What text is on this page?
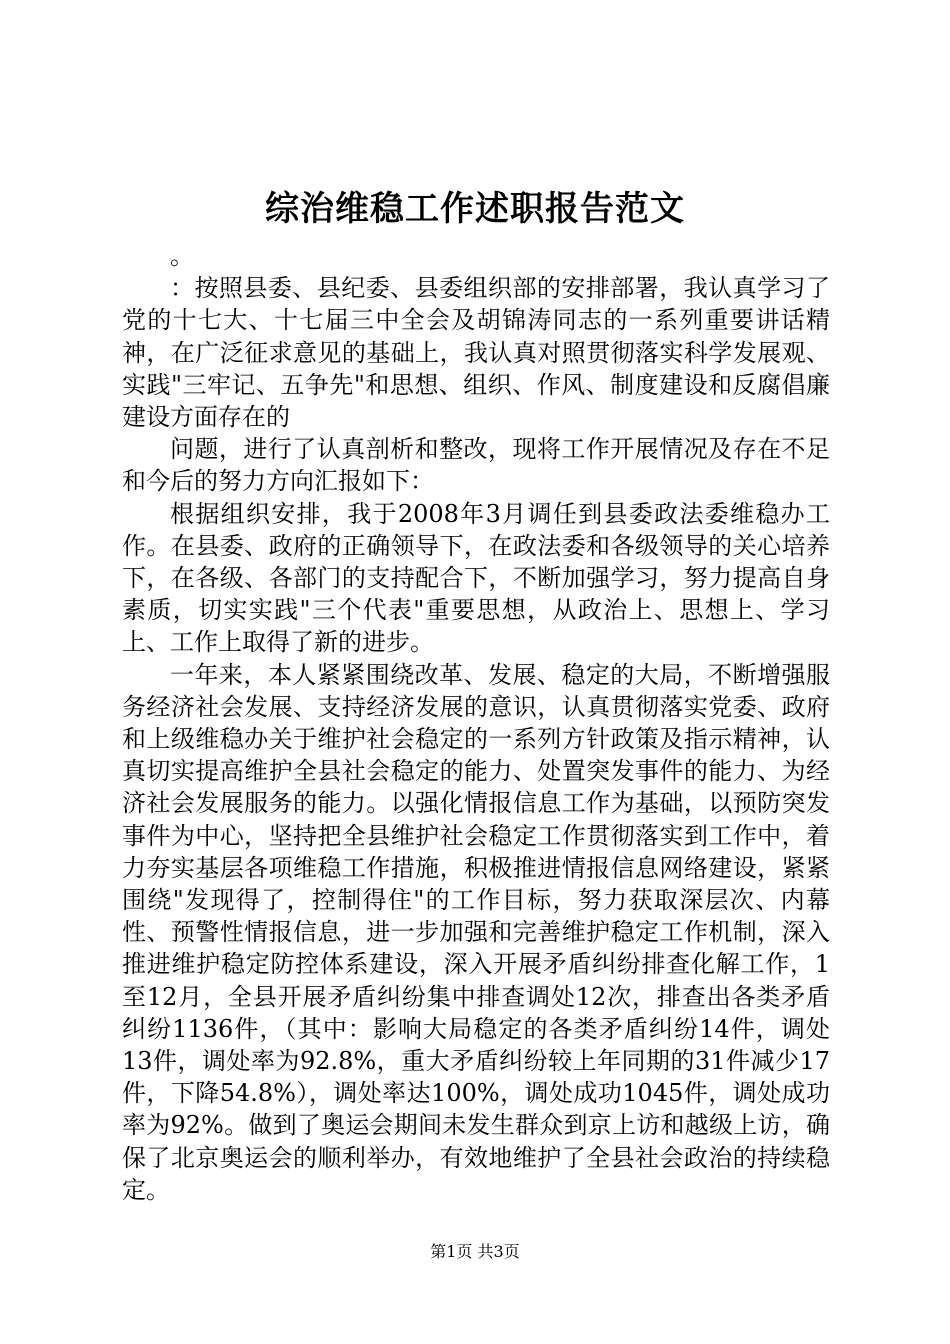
综治维稳工作述职报告范文

。

：按照县委、县纪委、县委组织部的安排部署，我认真学习了党的十七大、十七届三中全会及胡锦涛同志的一系列重要讲话精神，在广泛征求意见的基础上，我认真对照贯彻落实科学发展观、实践"三牢记、五争先"和思想、组织、作风、制度建设和反腐倡廉建设方面存在的

问题，进行了认真剖析和整改，现将工作开展情况及存在不足和今后的努力方向汇报如下：

根据组织安排，我于2008年3月调任到县委政法委维稳办工作。在县委、政府的正确领导下，在政法委和各级领导的关心培养下，在各级、各部门的支持配合下，不断加强学习，努力提高自身素质，切实实践"三个代表"重要思想，从政治上、思想上、学习上、工作上取得了新的进步。

一年来，本人紧紧围绕改革、发展、稳定的大局，不断增强服务经济社会发展、支持经济发展的意识，认真贯彻落实党委、政府和上级维稳办关于维护社会稳定的一系列方针政策及指示精神，认真切实提高维护全县社会稳定的能力、处置突发事件的能力、为经济社会发展服务的能力。以强化情报信息工作为基础，以预防突发事件为中心，坚持把全县维护社会稳定工作贯彻落实到工作中，着力夯实基层各项维稳工作措施，积极推进情报信息网络建设，紧紧围绕"发现得了，控制得住"的工作目标，努力获取深层次、内幕性、预警性情报信息，进一步加强和完善维护稳定工作机制，深入推进维护稳定防控体系建设，深入开展矛盾纠纷排查化解工作，1至12月，全县开展矛盾纠纷集中排查调处12次，排查出各类矛盾纠纷1136件，（其中：影响大局稳定的各类矛盾纠纷14件，调处13件，调处率为92.8%，重大矛盾纠纷较上年同期的31件减少17件，下降54.8%），调处率达100%，调处成功1045件，调处成功率为92%。做到了奥运会期间未发生群众到京上访和越级上访，确保了北京奥运会的顺利举办，有效地维护了全县社会政治的持续稳定。

第1页 共3页
